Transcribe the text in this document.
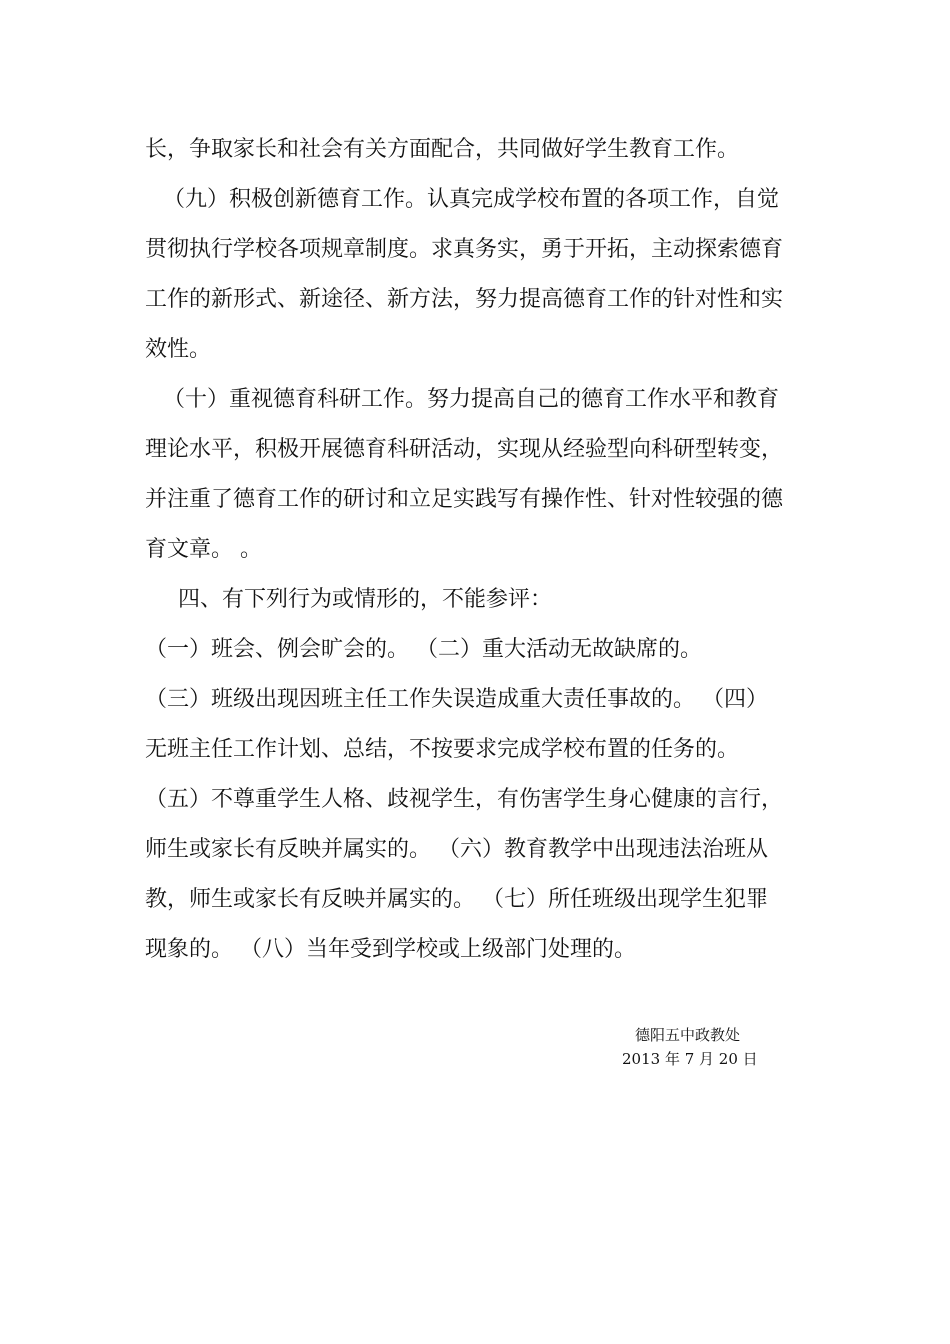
长，争取家长和社会有关方面配合，共同做好学生教育工作。
（九）积极创新德育工作。认真完成学校布置的各项工作，自觉
贯彻执行学校各项规章制度。求真务实，勇于开拓，主动探索德育
工作的新形式、新途径、新方法，努力提高德育工作的针对性和实
效性。
（十）重视德育科研工作。努力提高自己的德育工作水平和教育
理论水平，积极开展德育科研活动，实现从经验型向科研型转变，
并注重了德育工作的研讨和立足实践写有操作性、针对性较强的德
育文章。 。
四、有下列行为或情形的，不能参评：
（一）班会、例会旷会的。 （二）重大活动无故缺席的。
（三）班级出现因班主任工作失误造成重大责任事故的。 （四）
无班主任工作计划、总结，不按要求完成学校布置的任务的。
（五）不尊重学生人格、歧视学生，有伤害学生身心健康的言行，
师生或家长有反映并属实的。 （六）教育教学中出现违法治班从
教，师生或家长有反映并属实的。 （七）所任班级出现学生犯罪
现象的。 （八）当年受到学校或上级部门处理的。
德阳五中政教处
2013 年 7 月 20 日
